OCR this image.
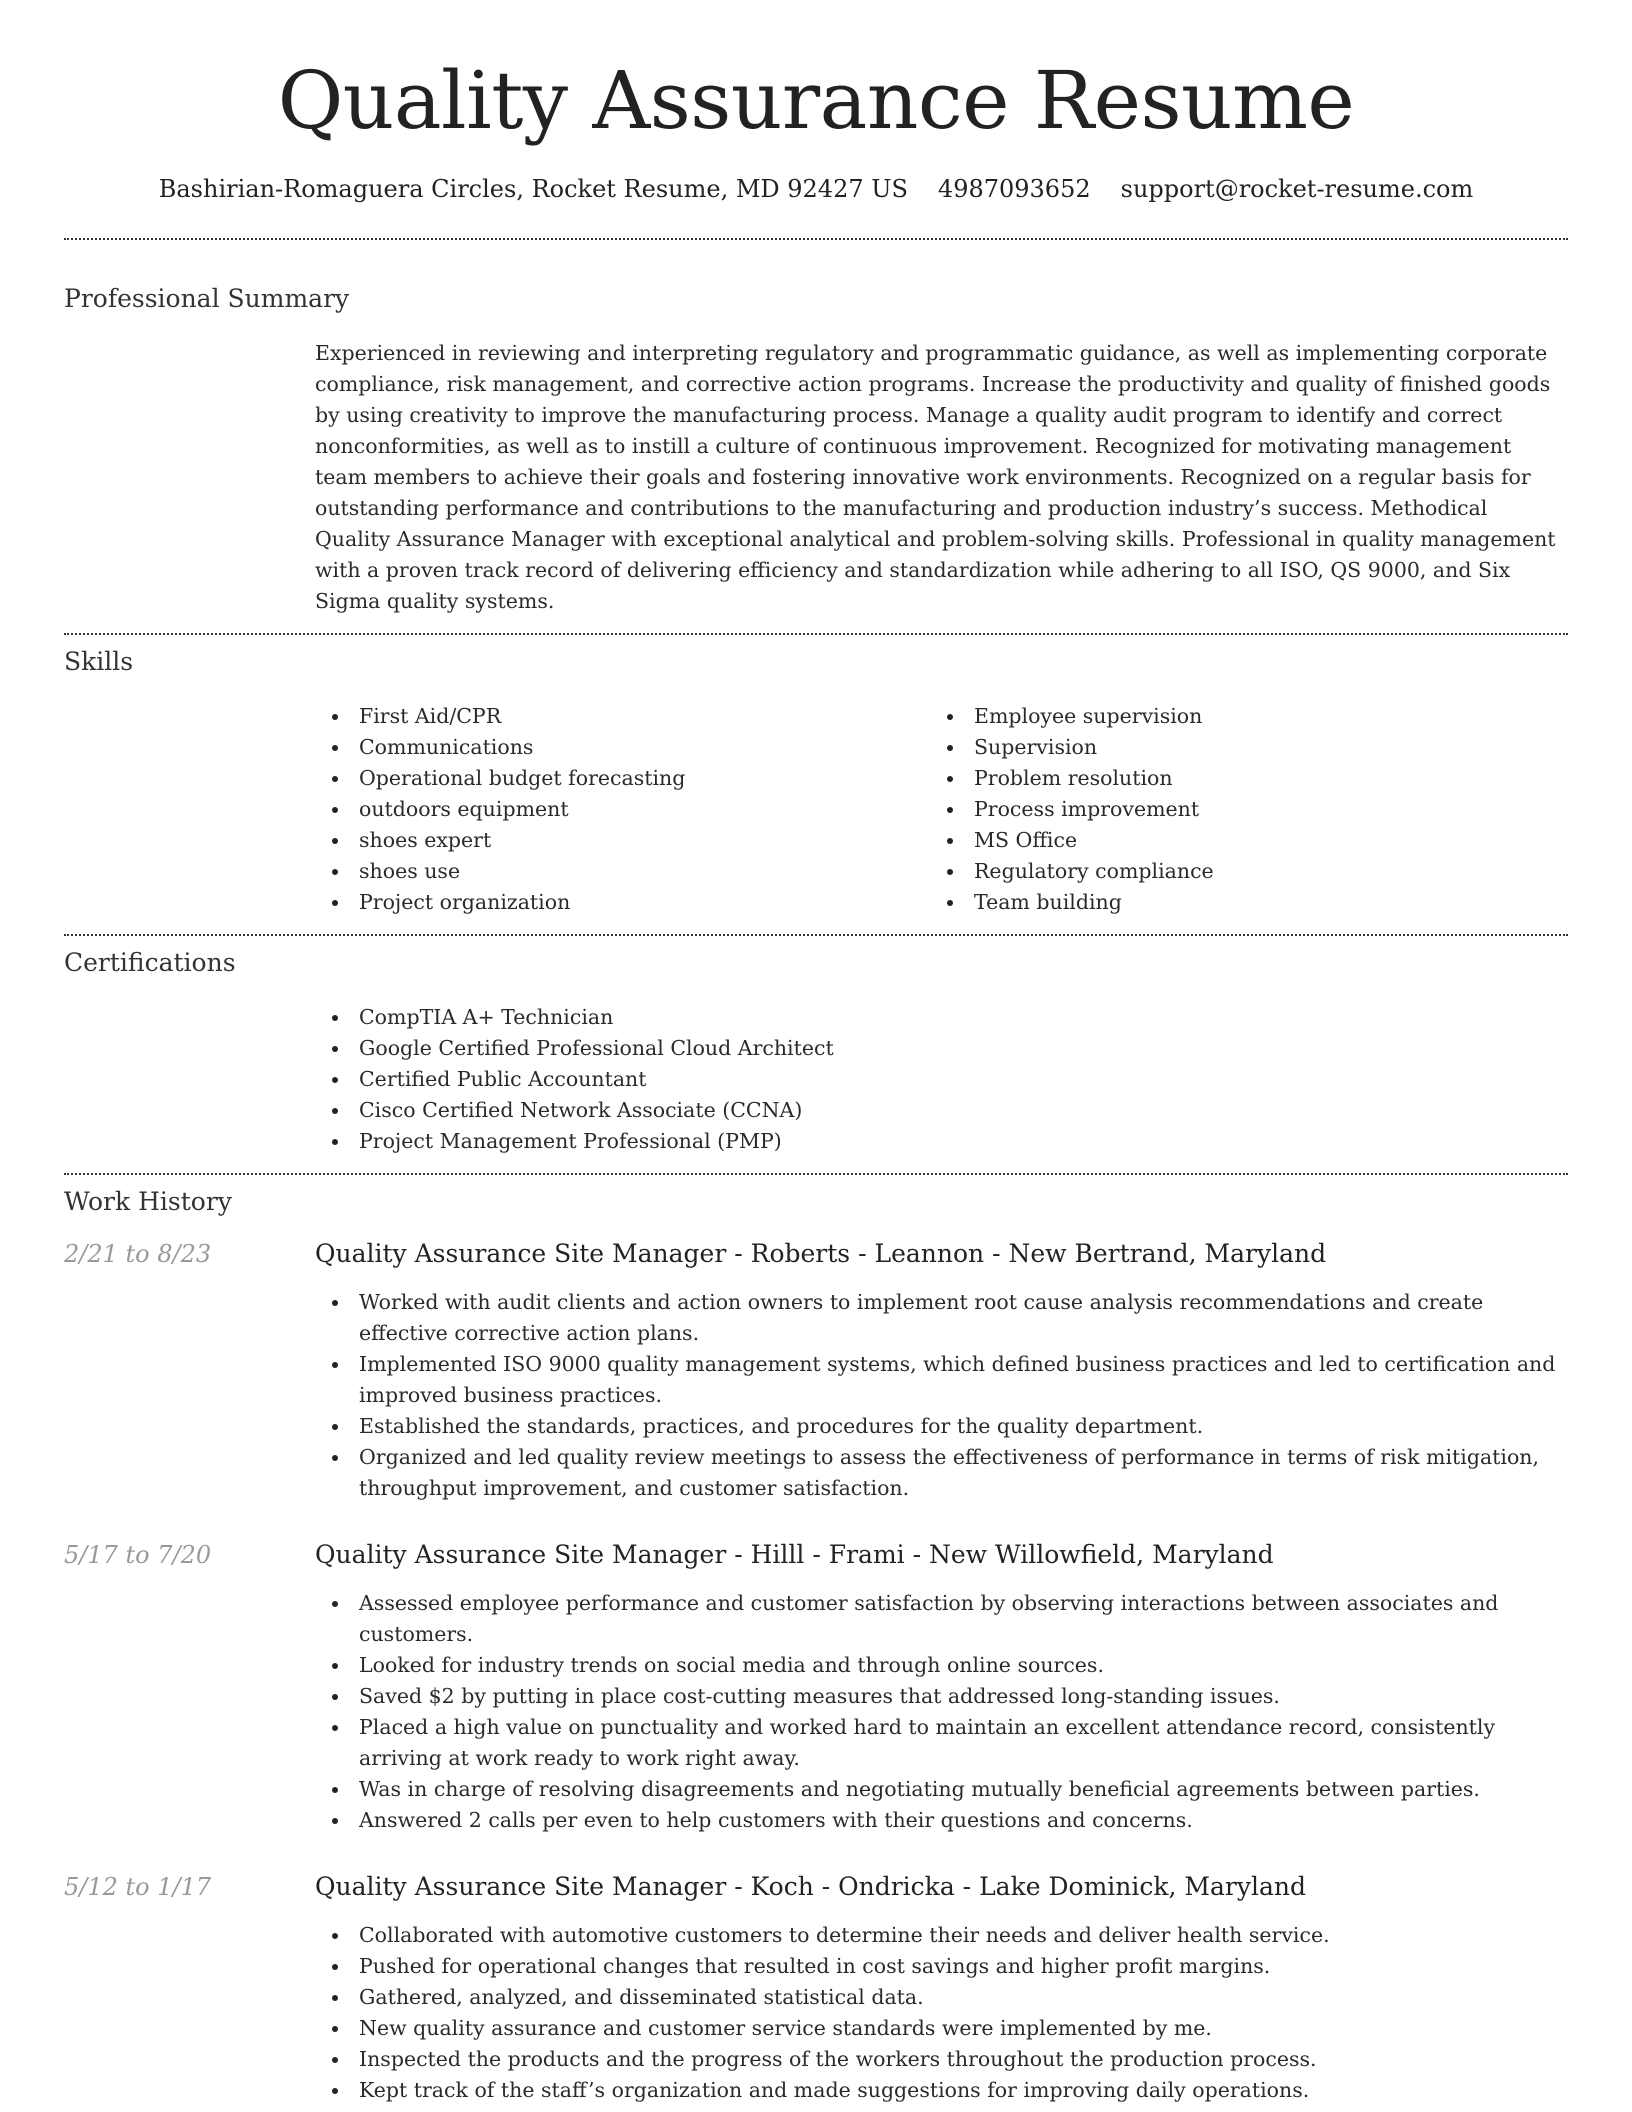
Quality Assurance Resume
Bashirian-Romaguera Circles, Rocket Resume, MD 92427 US 4987093652 support@rocket-resume.com
Professional Summary
Experienced in reviewing and interpreting regulatory and programmatic guidance, as well as implementing corporate compliance, risk management, and corrective action programs. Increase the productivity and quality of finished goods by using creativity to improve the manufacturing process. Manage a quality audit program to identify and correct nonconformities, as well as to instill a culture of continuous improvement. Recognized for motivating management team members to achieve their goals and fostering innovative work environments. Recognized on a regular basis for outstanding performance and contributions to the manufacturing and production industry’s success. Methodical Quality Assurance Manager with exceptional analytical and problem-solving skills. Professional in quality management with a proven track record of delivering efficiency and standardization while adhering to all ISO, QS 9000, and Six Sigma quality systems.
Skills
First Aid/CPR
Communications
Operational budget forecasting
outdoors equipment
shoes expert
shoes use
Project organization
Employee supervision
Supervision
Problem resolution
Process improvement
MS Office
Regulatory compliance
Team building
Certifications
CompTIA A+ Technician
Google Certified Professional Cloud Architect
Certified Public Accountant
Cisco Certified Network Associate (CCNA)
Project Management Professional (PMP)
Work History
2/21 to 8/23	Quality Assurance Site Manager - Roberts - Leannon - New Bertrand, Maryland
Worked with audit clients and action owners to implement root cause analysis recommendations and create effective corrective action plans.
Implemented ISO 9000 quality management systems, which defined business practices and led to certification and improved business practices.
Established the standards, practices, and procedures for the quality department.
Organized and led quality review meetings to assess the effectiveness of performance in terms of risk mitigation, throughput improvement, and customer satisfaction.
5/17 to 7/20	Quality Assurance Site Manager - Hilll - Frami - New Willowfield, Maryland
Assessed employee performance and customer satisfaction by observing interactions between associates and customers.
Looked for industry trends on social media and through online sources.
Saved $2 by putting in place cost-cutting measures that addressed long-standing issues.
Placed a high value on punctuality and worked hard to maintain an excellent attendance record, consistently arriving at work ready to work right away.
Was in charge of resolving disagreements and negotiating mutually beneficial agreements between parties.
Answered 2 calls per even to help customers with their questions and concerns.
5/12 to 1/17	Quality Assurance Site Manager - Koch - Ondricka - Lake Dominick, Maryland
Collaborated with automotive customers to determine their needs and deliver health service.
Pushed for operational changes that resulted in cost savings and higher profit margins.
Gathered, analyzed, and disseminated statistical data.
New quality assurance and customer service standards were implemented by me.
Inspected the products and the progress of the workers throughout the production process.
Kept track of the staff’s organization and made suggestions for improving daily operations.
